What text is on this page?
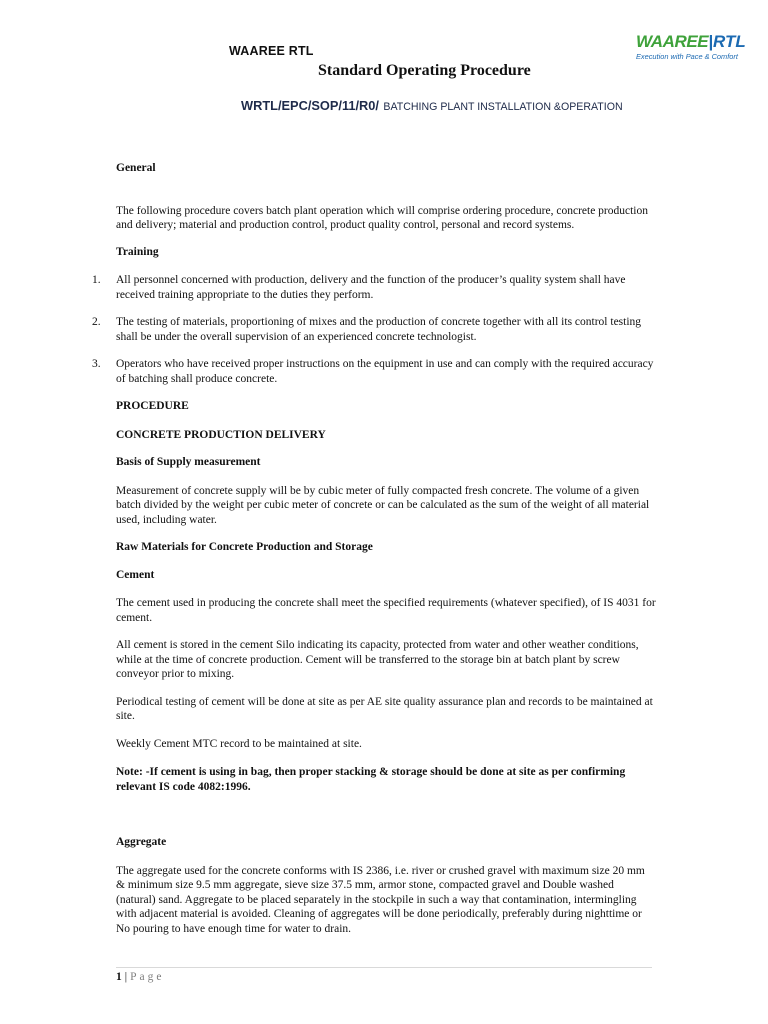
WAAREE RTL	WAAREE|RTL
Execution with Pace & Comfort
Standard Operating Procedure
WRTL/EPC/SOP/11/R0/ BATCHING PLANT INSTALLATION &OPERATION

General

The following procedure covers batch plant operation which will comprise ordering procedure, concrete production and delivery; material and production control, product quality control, personal and record systems.

Training

1. All personnel concerned with production, delivery and the function of the producer’s quality system shall have received training appropriate to the duties they perform.
2. The testing of materials, proportioning of mixes and the production of concrete together with all its control testing shall be under the overall supervision of an experienced concrete technologist.
3. Operators who have received proper instructions on the equipment in use and can comply with the required accuracy of batching shall produce concrete.

PROCEDURE

CONCRETE PRODUCTION DELIVERY

Basis of Supply measurement

Measurement of concrete supply will be by cubic meter of fully compacted fresh concrete. The volume of a given batch divided by the weight per cubic meter of concrete or can be calculated as the sum of the weight of all material used, including water.

Raw Materials for Concrete Production and Storage

Cement

The cement used in producing the concrete shall meet the specified requirements (whatever specified), of IS 4031 for cement.

All cement is stored in the cement Silo indicating its capacity, protected from water and other weather conditions, while at the time of concrete production. Cement will be transferred to the storage bin at batch plant by screw conveyor prior to mixing.

Periodical testing of cement will be done at site as per AE site quality assurance plan and records to be maintained at site.

Weekly Cement MTC record to be maintained at site.

Note: -If cement is using in bag, then proper stacking & storage should be done at site as per confirming relevant IS code 4082:1996.

Aggregate

The aggregate used for the concrete conforms with IS 2386, i.e. river or crushed gravel with maximum size 20 mm & minimum size 9.5 mm aggregate, sieve size 37.5 mm, armor stone, compacted gravel and Double washed (natural) sand. Aggregate to be placed separately in the stockpile in such a way that contamination, intermingling with adjacent material is avoided. Cleaning of aggregates will be done periodically, preferably during nighttime or No pouring to have enough time for water to drain.

1 | Page
